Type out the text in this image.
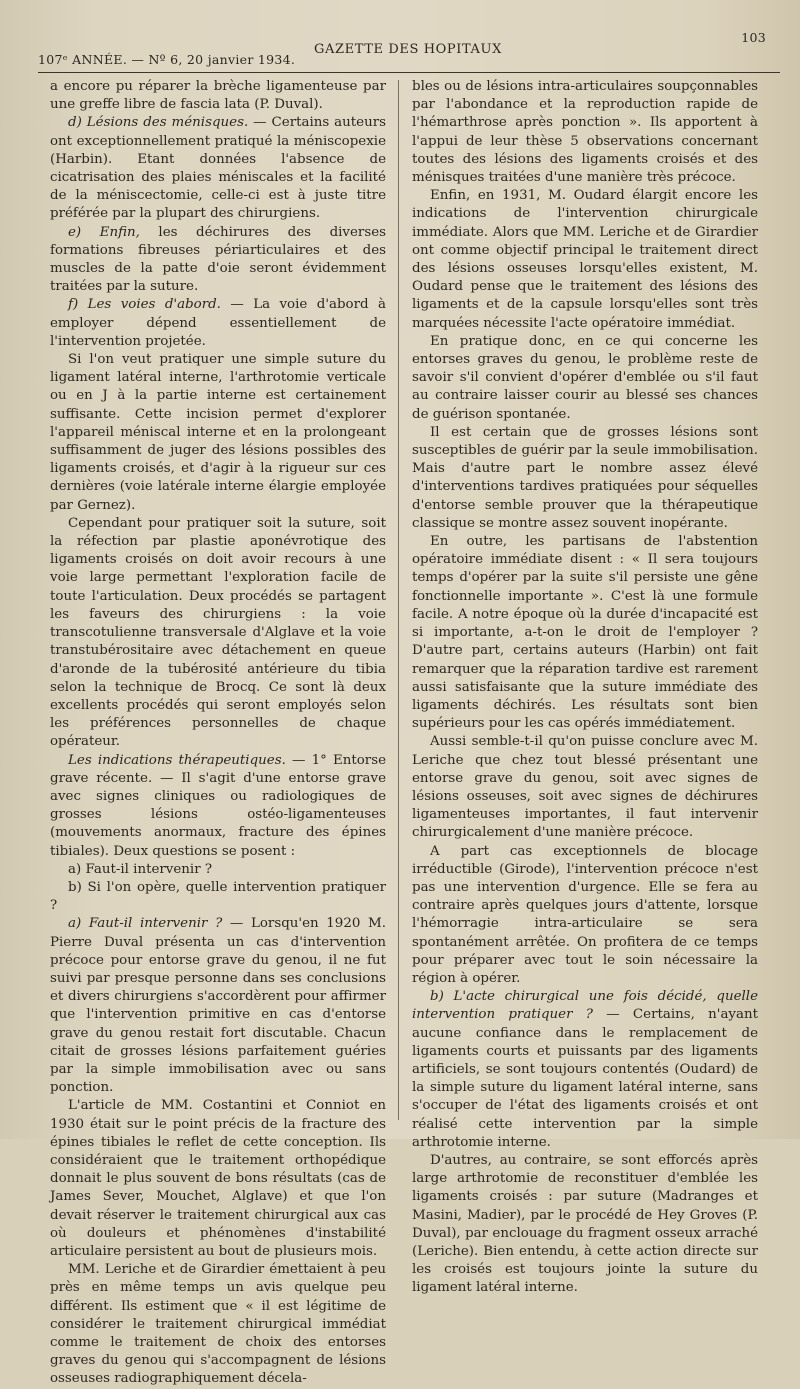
107ᵉ ANNÉE. — Nº 6, 20 janvier 1934.
GAZETTE DES HOPITAUX
103

a encore pu réparer la brèche ligamenteuse par une greffe libre de fascia lata (P. Duval).

d) Lésions des ménisques. — Certains auteurs ont exceptionnellement pratiqué la méniscopexie (Harbin). Etant données l'absence de cicatrisation des plaies méniscales et la facilité de la méniscectomie, celle-ci est à juste titre préférée par la plupart des chirurgiens.

e) Enfin, les déchirures des diverses formations fibreuses périarticulaires et des muscles de la patte d'oie seront évidemment traitées par la suture.

f) Les voies d'abord. — La voie d'abord à employer dépend essentiellement de l'intervention projetée.

Si l'on veut pratiquer une simple suture du ligament latéral interne, l'arthrotomie verticale ou en J à la partie interne est certainement suffisante. Cette incision permet d'explorer l'appareil méniscal interne et en la prolongeant suffisamment de juger des lésions possibles des ligaments croisés, et d'agir à la rigueur sur ces dernières (voie latérale interne élargie employée par Gernez).

Cependant pour pratiquer soit la suture, soit la réfection par plastie aponévrotique des ligaments croisés on doit avoir recours à une voie large permettant l'exploration facile de toute l'articulation. Deux procédés se partagent les faveurs des chirurgiens : la voie transcotulienne transversale d'Alglave et la voie transtubérositaire avec détachement en queue d'aronde de la tubérosité antérieure du tibia selon la technique de Brocq. Ce sont là deux excellents procédés qui seront employés selon les préférences personnelles de chaque opérateur.

Les indications thérapeutiques. — 1° Entorse grave récente. — Il s'agit d'une entorse grave avec signes cliniques ou radiologiques de grosses lésions ostéo-ligamenteuses (mouvements anormaux, fracture des épines tibiales). Deux questions se posent :

a) Faut-il intervenir ?

b) Si l'on opère, quelle intervention pratiquer ?

a) Faut-il intervenir ? — Lorsqu'en 1920 M. Pierre Duval présenta un cas d'intervention précoce pour entorse grave du genou, il ne fut suivi par presque personne dans ses conclusions et divers chirurgiens s'accordèrent pour affirmer que l'intervention primitive en cas d'entorse grave du genou restait fort discutable. Chacun citait de grosses lésions parfaitement guéries par la simple immobilisation avec ou sans ponction.

L'article de MM. Costantini et Conniot en 1930 était sur le point précis de la fracture des épines tibiales le reflet de cette conception. Ils considéraient que le traitement orthopédique donnait le plus souvent de bons résultats (cas de James Sever, Mouchet, Alglave) et que l'on devait réserver le traitement chirurgical aux cas où douleurs et phénomènes d'instabilité articulaire persistent au bout de plusieurs mois.

MM. Leriche et de Girardier émettaient à peu près en même temps un avis quelque peu différent. Ils estiment que « il est légitime de considérer le traitement chirurgical immédiat comme le traitement de choix des entorses graves du genou qui s'accompagnent de lésions osseuses radiographiquement décela-

bles ou de lésions intra-articulaires soupçonnables par l'abondance et la reproduction rapide de l'hémarthrose après ponction ». Ils apportent à l'appui de leur thèse 5 observations concernant toutes des lésions des ligaments croisés et des ménisques traitées d'une manière très précoce.

Enfin, en 1931, M. Oudard élargit encore les indications de l'intervention chirurgicale immédiate. Alors que MM. Leriche et de Girardier ont comme objectif principal le traitement direct des lésions osseuses lorsqu'elles existent, M. Oudard pense que le traitement des lésions des ligaments et de la capsule lorsqu'elles sont très marquées nécessite l'acte opératoire immédiat.

En pratique donc, en ce qui concerne les entorses graves du genou, le problème reste de savoir s'il convient d'opérer d'emblée ou s'il faut au contraire laisser courir au blessé ses chances de guérison spontanée.

Il est certain que de grosses lésions sont susceptibles de guérir par la seule immobilisation. Mais d'autre part le nombre assez élevé d'interventions tardives pratiquées pour séquelles d'entorse semble prouver que la thérapeutique classique se montre assez souvent inopérante.

En outre, les partisans de l'abstention opératoire immédiate disent : « Il sera toujours temps d'opérer par la suite s'il persiste une gêne fonctionnelle importante ». C'est là une formule facile. A notre époque où la durée d'incapacité est si importante, a-t-on le droit de l'employer ? D'autre part, certains auteurs (Harbin) ont fait remarquer que la réparation tardive est rarement aussi satisfaisante que la suture immédiate des ligaments déchirés. Les résultats sont bien supérieurs pour les cas opérés immédiatement.

Aussi semble-t-il qu'on puisse conclure avec M. Leriche que chez tout blessé présentant une entorse grave du genou, soit avec signes de lésions osseuses, soit avec signes de déchirures ligamenteuses importantes, il faut intervenir chirurgicalement d'une manière précoce.

A part cas exceptionnels de blocage irréductible (Girode), l'intervention précoce n'est pas une intervention d'urgence. Elle se fera au contraire après quelques jours d'attente, lorsque l'hémorragie intra-articulaire se sera spontanément arrêtée. On profitera de ce temps pour préparer avec tout le soin nécessaire la région à opérer.

b) L'acte chirurgical une fois décidé, quelle intervention pratiquer ? — Certains, n'ayant aucune confiance dans le remplacement de ligaments courts et puissants par des ligaments artificiels, se sont toujours contentés (Oudard) de la simple suture du ligament latéral interne, sans s'occuper de l'état des ligaments croisés et ont réalisé cette intervention par la simple arthrotomie interne.

D'autres, au contraire, se sont efforcés après large arthrotomie de reconstituer d'emblée les ligaments croisés : par suture (Madranges et Masini, Madier), par le procédé de Hey Groves (P. Duval), par enclouage du fragment osseux arraché (Leriche). Bien entendu, à cette action directe sur les croisés est toujours jointe la suture du ligament latéral interne.
